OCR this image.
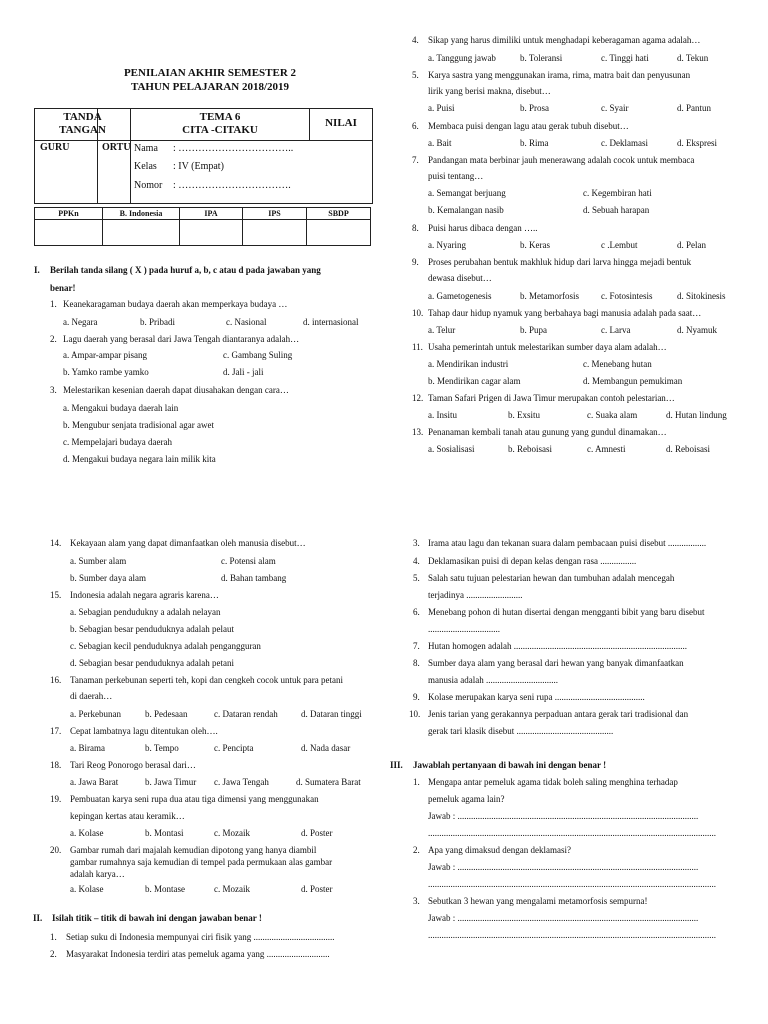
PENILAIAN AKHIR SEMESTER 2
TAHUN PELAJARAN 2018/2019
TANDA
TANGAN
TEMA 6
CITA -CITAKU
NILAI
GURU	ORTU Nama : ……………………………..
Kelas : IV (Empat)
Nomor : …………………………….
PPKn	B. Indonesia	IPA	IPS	SBDP

I. Berilah tanda silang ( X ) pada huruf a, b, c atau d pada jawaban yang
benar!
1. Keanekaragaman budaya daerah akan memperkaya budaya …
a. Negara	b. Pribadi	c. Nasional	d. internasional
2. Lagu daerah yang berasal dari Jawa Tengah diantaranya adalah…
a. Ampar-ampar pisang	c. Gambang Suling
b. Yamko rambe yamko	d. Jali - jali
3. Melestarikan kesenian daerah dapat diusahakan dengan cara…
a. Mengakui budaya daerah lain
b. Mengubur senjata tradisional agar awet
c. Mempelajari budaya daerah
d. Mengakui budaya negara lain milik kita
4. Sikap yang harus dimiliki untuk menghadapi keberagaman agama adalah…
a. Tanggung jawab	b. Toleransi	c. Tinggi hati	d. Tekun
5. Karya sastra yang menggunakan irama, rima, matra bait dan penyusunan
lirik yang berisi makna, disebut…
a. Puisi	b. Prosa	c. Syair	d. Pantun
6. Membaca puisi dengan lagu atau gerak tubuh disebut…
a. Bait	b. Rima	c. Deklamasi	d. Ekspresi
7. Pandangan mata berbinar jauh menerawang adalah cocok untuk membaca
puisi tentang…
a. Semangat berjuang	c. Kegembiran hati
b. Kemalangan nasib	d. Sebuah harapan
8. Puisi harus dibaca dengan …..
a. Nyaring	b. Keras	c .Lembut	d. Pelan
9. Proses perubahan bentuk makhluk hidup dari larva hingga mejadi bentuk
dewasa disebut…
a. Gametogenesis	b. Metamorfosis c. Fotosintesis	d. Sitokinesis
10. Tahap daur hidup nyamuk yang berbahaya bagi manusia adalah pada saat…
a. Telur	b. Pupa	c. Larva	d. Nyamuk
11. Usaha pemerintah untuk melestarikan sumber daya alam adalah…
a. Mendirikan industri	c. Menebang hutan
b. Mendirikan cagar alam	d. Membangun pemukiman
12. Taman Safari Prigen di Jawa Timur merupakan contoh pelestarian…
a. Insitu	b. Exsitu	c. Suaka alam	d. Hutan lindung
13. Penanaman kembali tanah atau gunung yang gundul dinamakan…
a. Sosialisasi	b. Reboisasi	c. Amnesti	d. Reboisasi
14. Kekayaan alam yang dapat dimanfaatkan oleh manusia disebut…
a. Sumber alam	c. Potensi alam
b. Sumber daya alam	d. Bahan tambang
15. Indonesia adalah negara agraris karena…
a. Sebagian pendudukny a adalah nelayan
b. Sebagian besar penduduknya adalah pelaut
c. Sebagian kecil penduduknya adalah pengangguran
d. Sebagian besar penduduknya adalah petani
16. Tanaman perkebunan seperti teh, kopi dan cengkeh cocok untuk para petani
di daerah…
a. Perkebunan	b. Pedesaan	c. Dataran rendah	d. Dataran tinggi
17. Cepat lambatnya lagu ditentukan oleh….
a. Birama	b. Tempo	c. Pencipta	d. Nada dasar
18. Tari Reog Ponorogo berasal dari…
a. Jawa Barat	b. Jawa Timur c. Jawa Tengah	d. Sumatera Barat
19. Pembuatan karya seni rupa dua atau tiga dimensi yang menggunakan
kepingan kertas atau keramik…
a. Kolase	b. Montasi	c. Mozaik	d. Poster
20. Gambar rumah dari majalah kemudian dipotong yang hanya diambil
gambar rumahnya saja kemudian di tempel pada permukaan alas gambar
adalah karya…
a. Kolase	b. Montase	c. Mozaik	d. Poster
II. Isilah titik – titik di bawah ini dengan jawaban benar !
1. Setiap suku di Indonesia mempunyai ciri fisik yang ....................................
2. Masyarakat Indonesia terdiri atas pemeluk agama yang ............................
3. Irama atau lagu dan tekanan suara dalam pembacaan puisi disebut .................
4. Deklamasikan puisi di depan kelas dengan rasa ................
5. Salah satu tujuan pelestarian hewan dan tumbuhan adalah mencegah
terjadinya .........................
6. Menebang pohon di hutan disertai dengan mengganti bibit yang baru disebut
................................
7. Hutan homogen adalah .............................................................................
8. Sumber daya alam yang berasal dari hewan yang banyak dimanfaatkan
manusia adalah ................................
9. Kolase merupakan karya seni rupa ........................................
10. Jenis tarian yang gerakannya perpaduan antara gerak tari tradisional dan
gerak tari klasik disebut ...........................................
III. Jawablah pertanyaan di bawah ini dengan benar !
1. Mengapa antar pemeluk agama tidak boleh saling menghina terhadap
pemeluk agama lain?
Jawab : ...........................................................................................................
................................................................................................................................
2. Apa yang dimaksud dengan deklamasi?
Jawab : ...........................................................................................................
................................................................................................................................
3. Sebutkan 3 hewan yang mengalami metamorfosis sempurna!
Jawab : ...........................................................................................................
................................................................................................................................
